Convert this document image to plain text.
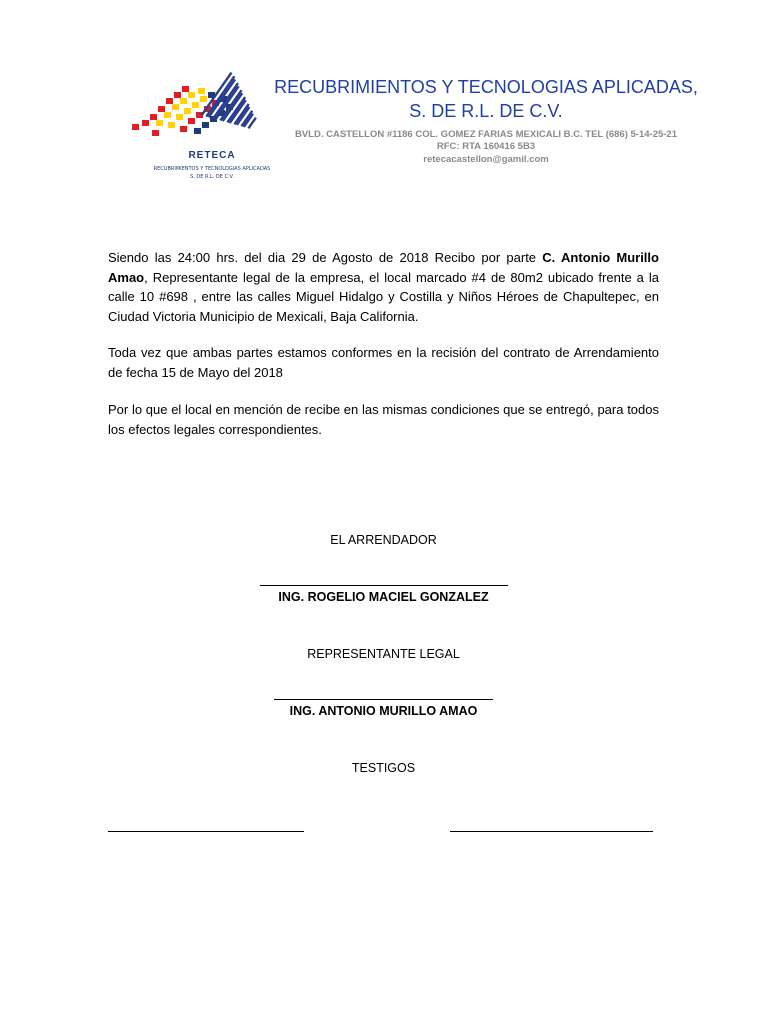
RETECA
RECUBRIMIENTOS Y TECNOLOGIAS APLICADAS
S. DE R.L. DE C.V.
RECUBRIMIENTOS Y TECNOLOGIAS APLICADAS,
S. DE R.L. DE C.V.
BVLD. CASTELLON #1186 COL. GOMEZ FARIAS MEXICALI B.C. TEL (686) 5-14-25-21
RFC: RTA 160416 5B3
retecacastellon@gamil.com
Siendo las 24:00 hrs. del dia 29 de Agosto de 2018 Recibo por parte C. Antonio Murillo Amao, Representante legal de la empresa, el local marcado #4 de 80m2 ubicado frente a la calle 10 #698 , entre las calles Miguel Hidalgo y Costilla y Niños Héroes de Chapultepec, en Ciudad Victoria Municipio de Mexicali, Baja California.
Toda vez que ambas partes estamos conformes en la recisión del contrato de Arrendamiento de fecha 15 de Mayo del 2018
Por lo que el local en mención de recibe en las mismas condiciones que se entregó, para todos los efectos legales correspondientes.
EL ARRENDADOR
ING. ROGELIO MACIEL GONZALEZ
REPRESENTANTE LEGAL
ING. ANTONIO MURILLO AMAO
TESTIGOS
